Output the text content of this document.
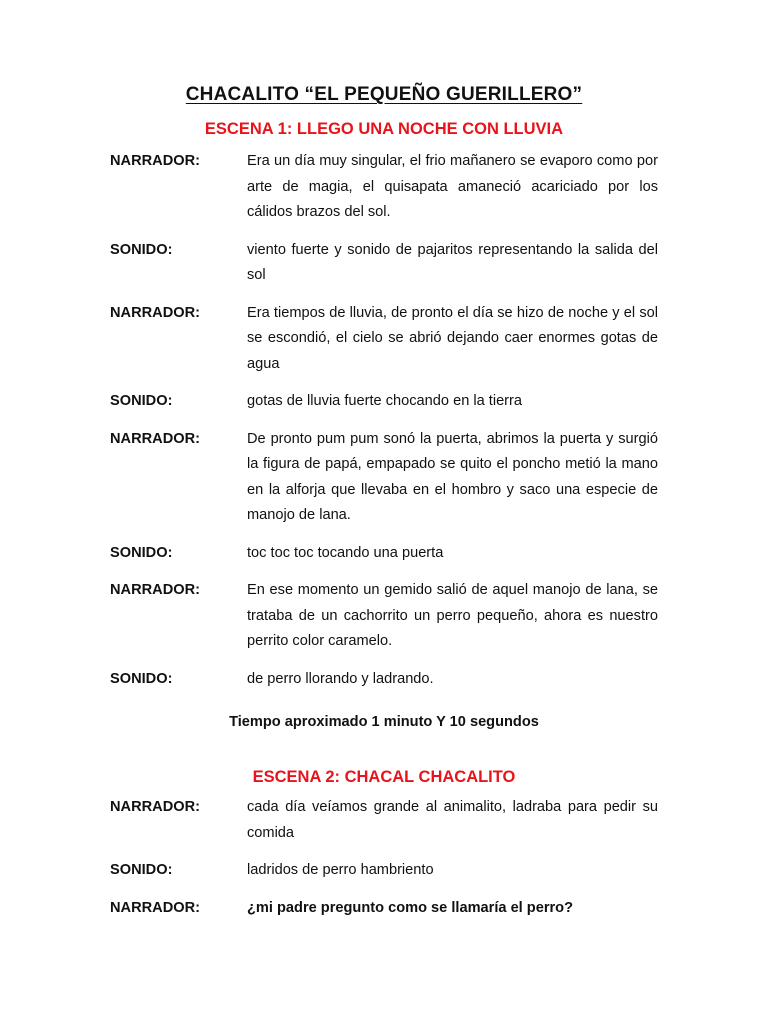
CHACALITO “EL PEQUEÑO GUERILLERO”
ESCENA 1: LLEGO UNA NOCHE CON LLUVIA
NARRADOR:	Era un día muy singular, el frio mañanero se evaporo como por arte de magia, el quisapata amaneció acariciado por los cálidos brazos del sol.
SONIDO:	viento fuerte y sonido de pajaritos representando la salida del sol
NARRADOR:	Era tiempos de lluvia, de pronto el día se hizo de noche y el sol se escondió, el cielo se abrió dejando caer enormes gotas de agua
SONIDO:	gotas de lluvia fuerte chocando en la tierra
NARRADOR:	De pronto pum pum sonó la puerta, abrimos la puerta y surgió la figura de papá, empapado se quito el poncho metió la mano en la alforja que llevaba en el hombro y saco una especie de manojo de lana.
SONIDO:	toc toc toc tocando una puerta
NARRADOR:	En ese momento un gemido salió de aquel manojo de lana, se trataba de un cachorrito un perro pequeño, ahora es nuestro perrito color caramelo.
SONIDO:	de perro llorando y ladrando.

Tiempo aproximado 1 minuto Y 10 segundos

ESCENA 2: CHACAL CHACALITO
NARRADOR:	cada día veíamos grande al animalito, ladraba para pedir su comida
SONIDO:	ladridos de perro hambriento
NARRADOR:	¿mi padre pregunto como se llamaría el perro?
